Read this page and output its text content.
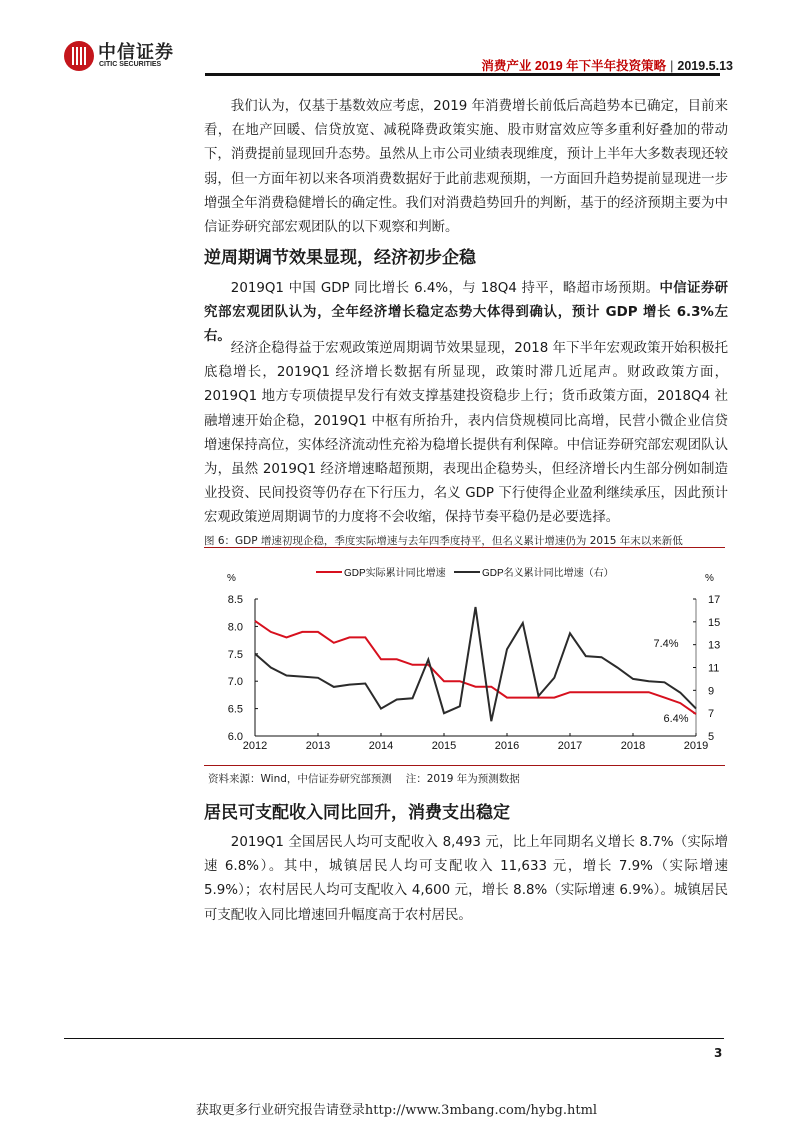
中信证券
CITIC SECURITIES	消费产业 2019 年下半年投资策略 | 2019.5.13

我们认为，仅基于基数效应考虑，2019 年消费增长前低后高趋势本已确定，目前来看，在地产回暖、信贷放宽、减税降费政策实施、股市财富效应等多重利好叠加的带动下，消费提前显现回升态势。虽然从上市公司业绩表现维度，预计上半年大多数表现还较弱，但一方面年初以来各项消费数据好于此前悲观预期，一方面回升趋势提前显现进一步增强全年消费稳健增长的确定性。我们对消费趋势回升的判断，基于的经济预期主要为中信证券研究部宏观团队的以下观察和判断。

逆周期调节效果显现，经济初步企稳

2019Q1 中国 GDP 同比增长 6.4%，与 18Q4 持平，略超市场预期。中信证券研究部宏观团队认为，全年经济增长稳定态势大体得到确认，预计 GDP 增长 6.3%左右。

经济企稳得益于宏观政策逆周期调节效果显现，2018 年下半年宏观政策开始积极托底稳增长，2019Q1 经济增长数据有所显现，政策时滞几近尾声。财政政策方面，2019Q1 地方专项债提早发行有效支撑基建投资稳步上行；货币政策方面，2018Q4 社融增速开始企稳，2019Q1 中枢有所抬升，表内信贷规模同比高增，民营小微企业信贷增速保持高位，实体经济流动性充裕为稳增长提供有利保障。中信证券研究部宏观团队认为，虽然 2019Q1 经济增速略超预期，表现出企稳势头，但经济增长内生部分例如制造业投资、民间投资等仍存在下行压力，名义 GDP 下行使得企业盈利继续承压，因此预计宏观政策逆周期调节的力度将不会收缩，保持节奏平稳仍是必要选择。

图 6：GDP 增速初现企稳，季度实际增速与去年四季度持平，但名义累计增速仍为 2015 年末以来新低
%	%
GDP实际累计同比增速	GDP名义累计同比增速（右）
8.5
8.0
7.5
7.0
6.5
6.0
17
15
13
11
9
7
5
2012	2013	2014	2015	2016	2017	2018	2019
7.4%
6.4%
资料来源：Wind，中信证券研究部预测　 注：2019 年为预测数据
居民可支配收入同比回升，消费支出稳定

2019Q1 全国居民人均可支配收入 8,493 元，比上年同期名义增长 8.7%（实际增速 6.8%）。其中，城镇居民人均可支配收入 11,633 元，增长 7.9%（实际增速 5.9%）；农村居民人均可支配收入 4,600 元，增长 8.8%（实际增速 6.9%）。城镇居民可支配收入同比增速回升幅度高于农村居民。

3
获取更多行业研究报告请登录http://www.3mbang.com/hybg.html
